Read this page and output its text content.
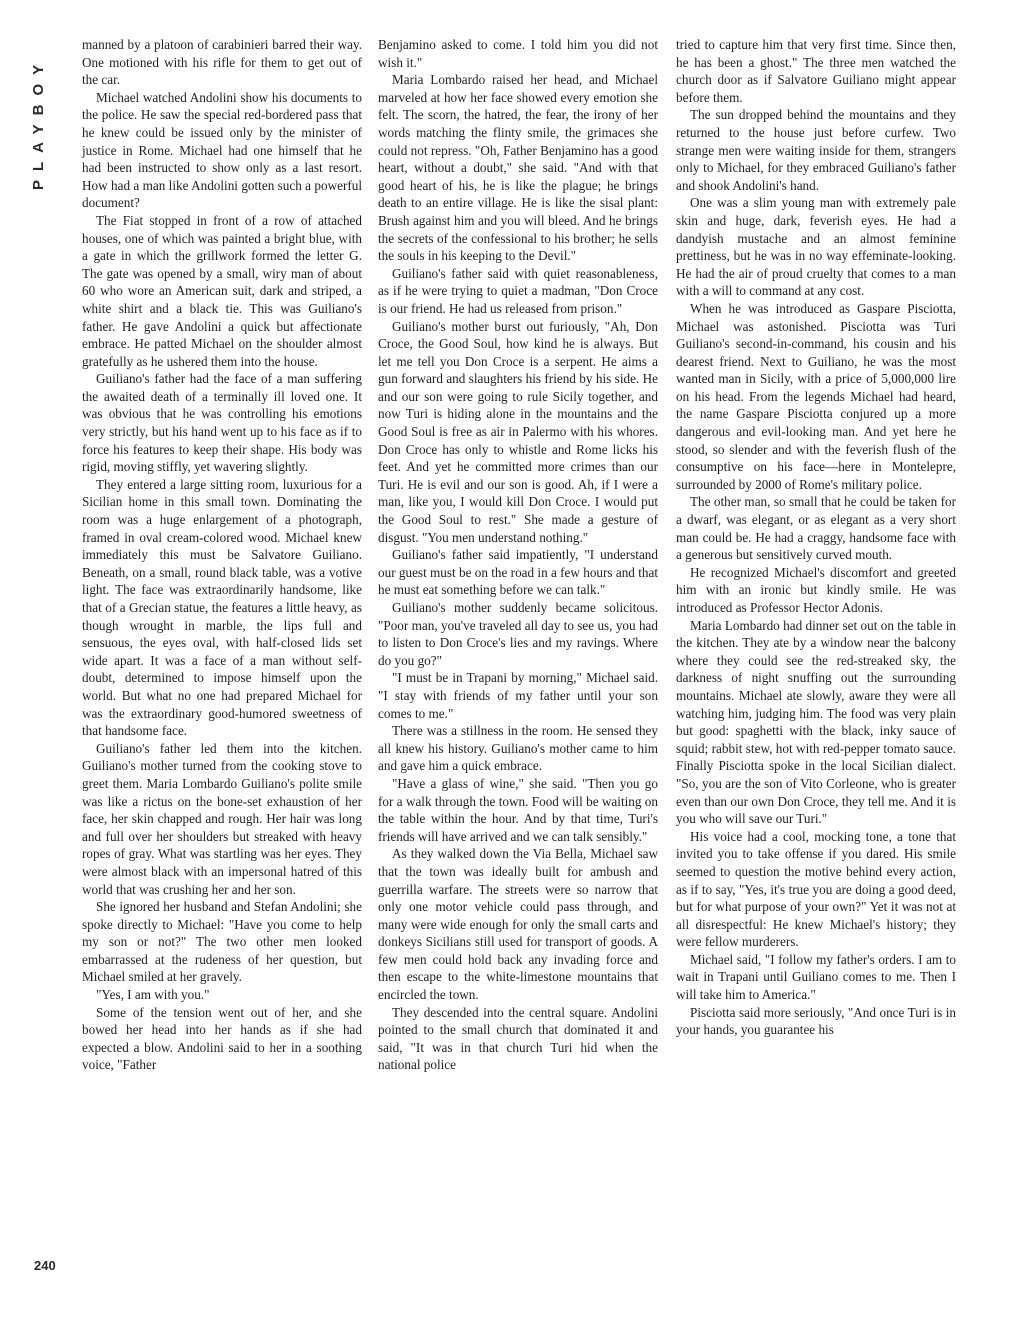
PLAYBOY
240

manned by a platoon of carabinieri barred their way. One motioned with his rifle for them to get out of the car.

Michael watched Andolini show his documents to the police. He saw the special red-bordered pass that he knew could be issued only by the minister of justice in Rome. Michael had one himself that he had been instructed to show only as a last resort. How had a man like Andolini gotten such a powerful document?

The Fiat stopped in front of a row of attached houses, one of which was painted a bright blue, with a gate in which the grillwork formed the letter G. The gate was opened by a small, wiry man of about 60 who wore an American suit, dark and striped, a white shirt and a black tie. This was Guiliano's father. He gave Andolini a quick but affectionate embrace. He patted Michael on the shoulder almost gratefully as he ushered them into the house.

Guiliano's father had the face of a man suffering the awaited death of a terminally ill loved one. It was obvious that he was controlling his emotions very strictly, but his hand went up to his face as if to force his features to keep their shape. His body was rigid, moving stiffly, yet wavering slightly.

They entered a large sitting room, luxurious for a Sicilian home in this small town. Dominating the room was a huge enlargement of a photograph, framed in oval cream-colored wood. Michael knew immediately this must be Salvatore Guiliano. Beneath, on a small, round black table, was a votive light. The face was extraordinarily handsome, like that of a Grecian statue, the features a little heavy, as though wrought in marble, the lips full and sensuous, the eyes oval, with half-closed lids set wide apart. It was a face of a man without self-doubt, determined to impose himself upon the world. But what no one had prepared Michael for was the extraordinary good-humored sweetness of that handsome face.

Guiliano's father led them into the kitchen. Guiliano's mother turned from the cooking stove to greet them. Maria Lombardo Guiliano's polite smile was like a rictus on the bone-set exhaustion of her face, her skin chapped and rough. Her hair was long and full over her shoulders but streaked with heavy ropes of gray. What was startling was her eyes. They were almost black with an impersonal hatred of this world that was crushing her and her son.

She ignored her husband and Stefan Andolini; she spoke directly to Michael: "Have you come to help my son or not?" The two other men looked embarrassed at the rudeness of her question, but Michael smiled at her gravely.

"Yes, I am with you."

Some of the tension went out of her, and she bowed her head into her hands as if she had expected a blow. Andolini said to her in a soothing voice, "Father

Benjamino asked to come. I told him you did not wish it."

Maria Lombardo raised her head, and Michael marveled at how her face showed every emotion she felt. The scorn, the hatred, the fear, the irony of her words matching the flinty smile, the grimaces she could not repress. "Oh, Father Benjamino has a good heart, without a doubt," she said. "And with that good heart of his, he is like the plague; he brings death to an entire village. He is like the sisal plant: Brush against him and you will bleed. And he brings the secrets of the confessional to his brother; he sells the souls in his keeping to the Devil."

Guiliano's father said with quiet reasonableness, as if he were trying to quiet a madman, "Don Croce is our friend. He had us released from prison."

Guiliano's mother burst out furiously, "Ah, Don Croce, the Good Soul, how kind he is always. But let me tell you Don Croce is a serpent. He aims a gun forward and slaughters his friend by his side. He and our son were going to rule Sicily together, and now Turi is hiding alone in the mountains and the Good Soul is free as air in Palermo with his whores. Don Croce has only to whistle and Rome licks his feet. And yet he committed more crimes than our Turi. He is evil and our son is good. Ah, if I were a man, like you, I would kill Don Croce. I would put the Good Soul to rest." She made a gesture of disgust. "You men understand nothing."

Guiliano's father said impatiently, "I understand our guest must be on the road in a few hours and that he must eat something before we can talk."

Guiliano's mother suddenly became solicitous. "Poor man, you've traveled all day to see us, you had to listen to Don Croce's lies and my ravings. Where do you go?"

"I must be in Trapani by morning," Michael said. "I stay with friends of my father until your son comes to me."

There was a stillness in the room. He sensed they all knew his history. Guiliano's mother came to him and gave him a quick embrace.

"Have a glass of wine," she said. "Then you go for a walk through the town. Food will be waiting on the table within the hour. And by that time, Turi's friends will have arrived and we can talk sensibly."

As they walked down the Via Bella, Michael saw that the town was ideally built for ambush and guerrilla warfare. The streets were so narrow that only one motor vehicle could pass through, and many were wide enough for only the small carts and donkeys Sicilians still used for transport of goods. A few men could hold back any invading force and then escape to the white-limestone mountains that encircled the town.

They descended into the central square. Andolini pointed to the small church that dominated it and said, "It was in that church Turi hid when the national police

tried to capture him that very first time. Since then, he has been a ghost." The three men watched the church door as if Salvatore Guiliano might appear before them.

The sun dropped behind the mountains and they returned to the house just before curfew. Two strange men were waiting inside for them, strangers only to Michael, for they embraced Guiliano's father and shook Andolini's hand.

One was a slim young man with extremely pale skin and huge, dark, feverish eyes. He had a dandyish mustache and an almost feminine prettiness, but he was in no way effeminate-looking. He had the air of proud cruelty that comes to a man with a will to command at any cost.

When he was introduced as Gaspare Pisciotta, Michael was astonished. Pisciotta was Turi Guiliano's second-in-command, his cousin and his dearest friend. Next to Guiliano, he was the most wanted man in Sicily, with a price of 5,000,000 lire on his head. From the legends Michael had heard, the name Gaspare Pisciotta conjured up a more dangerous and evil-looking man. And yet here he stood, so slender and with the feverish flush of the consumptive on his face—here in Montelepre, surrounded by 2000 of Rome's military police.

The other man, so small that he could be taken for a dwarf, was elegant, or as elegant as a very short man could be. He had a craggy, handsome face with a generous but sensitively curved mouth.

He recognized Michael's discomfort and greeted him with an ironic but kindly smile. He was introduced as Professor Hector Adonis.

Maria Lombardo had dinner set out on the table in the kitchen. They ate by a window near the balcony where they could see the red-streaked sky, the darkness of night snuffing out the surrounding mountains. Michael ate slowly, aware they were all watching him, judging him. The food was very plain but good: spaghetti with the black, inky sauce of squid; rabbit stew, hot with red-pepper tomato sauce. Finally Pisciotta spoke in the local Sicilian dialect. "So, you are the son of Vito Corleone, who is greater even than our own Don Croce, they tell me. And it is you who will save our Turi."

His voice had a cool, mocking tone, a tone that invited you to take offense if you dared. His smile seemed to question the motive behind every action, as if to say, "Yes, it's true you are doing a good deed, but for what purpose of your own?" Yet it was not at all disrespectful: He knew Michael's history; they were fellow murderers.

Michael said, "I follow my father's orders. I am to wait in Trapani until Guiliano comes to me. Then I will take him to America."

Pisciotta said more seriously, "And once Turi is in your hands, you guarantee his
